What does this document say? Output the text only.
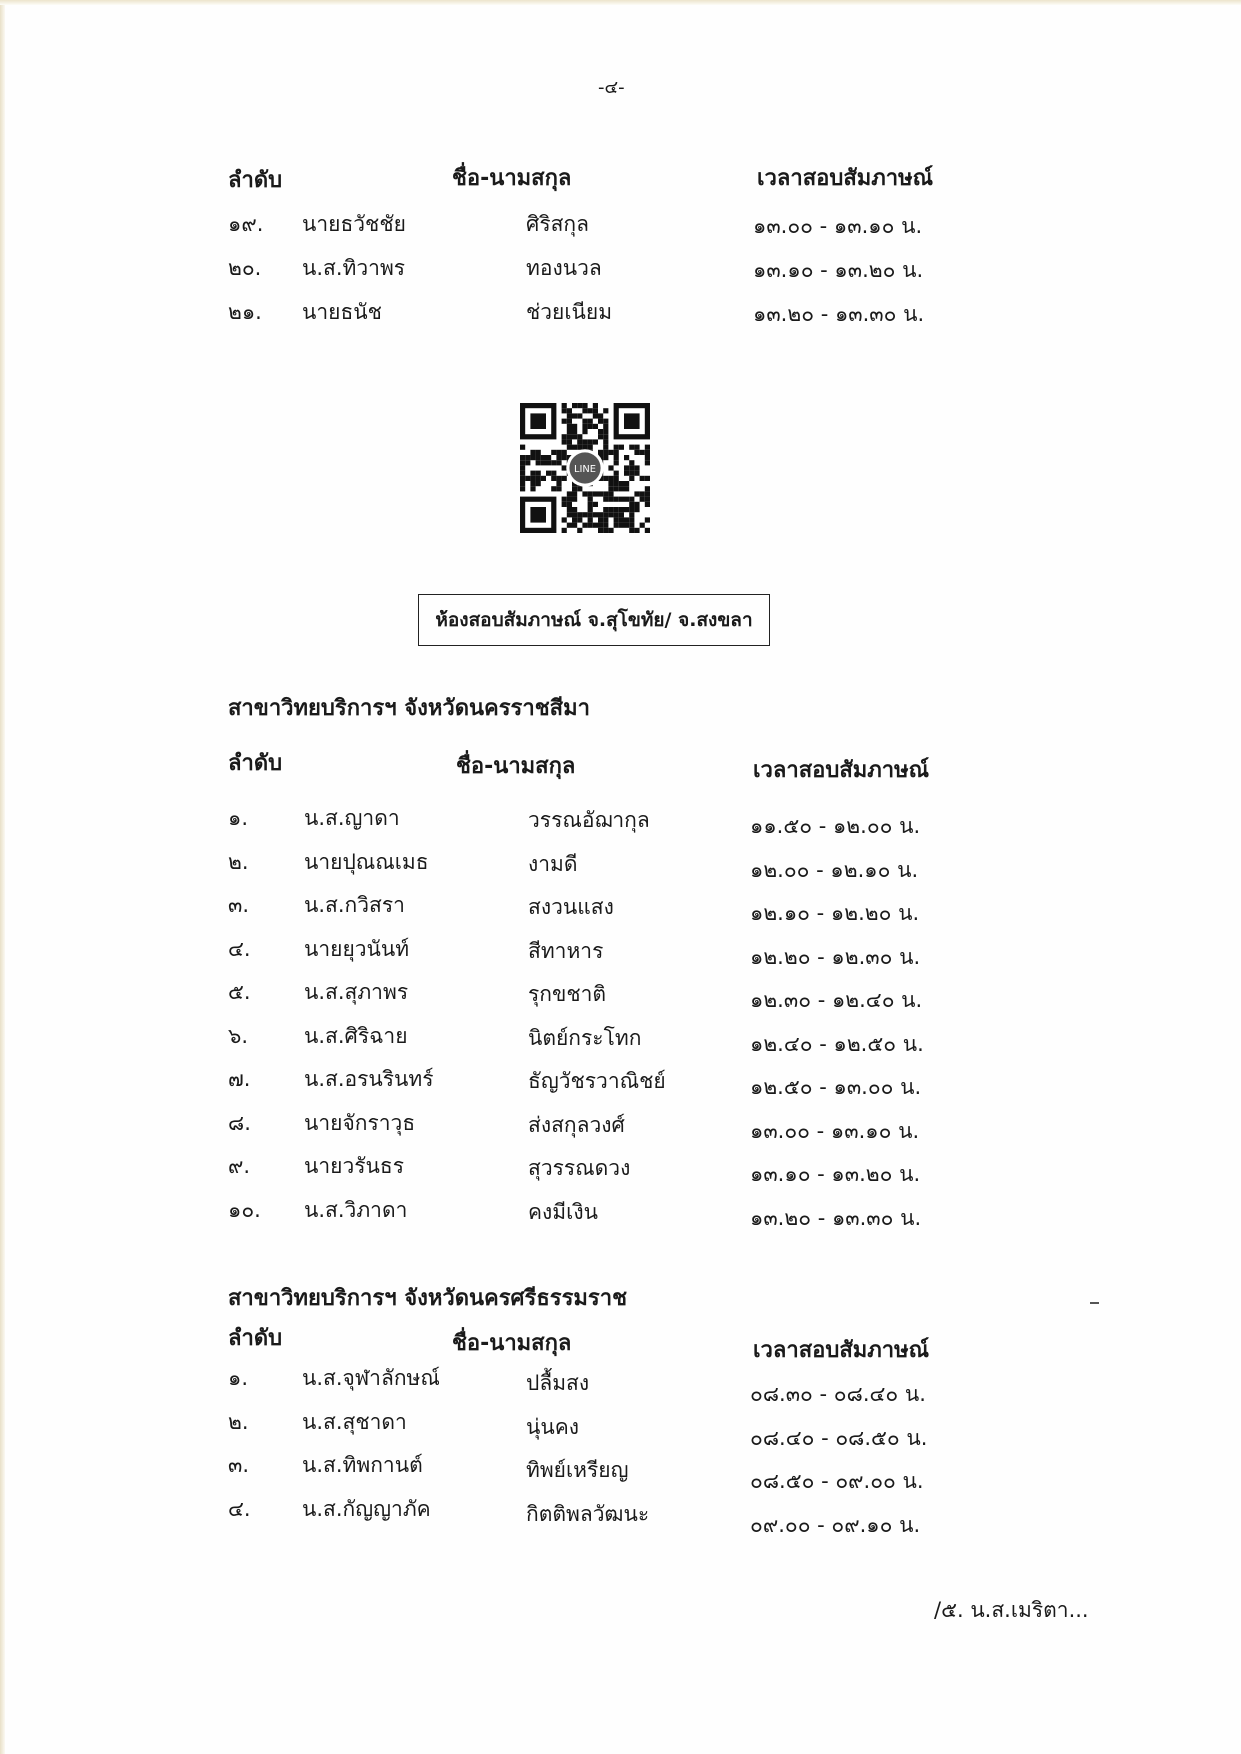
-๔-
ลำดับ	ชื่อ-นามสกุล	เวลาสอบสัมภาษณ์
๑๙. นายธวัชชัย	ศิริสกุล	๑๓.๐๐ - ๑๓.๑๐ น.
๒๐. น.ส.ทิวาพร	ทองนวล	๑๓.๑๐ - ๑๓.๒๐ น.
๒๑. นายธนัช	ช่วยเนียม	๑๓.๒๐ - ๑๓.๓๐ น.
LINE
ห้องสอบสัมภาษณ์ จ.สุโขทัย/ จ.สงขลา
สาขาวิทยบริการฯ จังหวัดนครราชสีมา
ลำดับ	ชื่อ-นามสกุล	เวลาสอบสัมภาษณ์
๑.	น.ส.ญาดา	วรรณอัฌากุล	๑๑.๕๐ - ๑๒.๐๐ น.
๒.	นายปุณณเมธ	งามดี	๑๒.๐๐ - ๑๒.๑๐ น.
๓.	น.ส.กวิสรา	สงวนแสง	๑๒.๑๐ - ๑๒.๒๐ น.
๔.	นายยุวนันท์	สีทาหาร	๑๒.๒๐ - ๑๒.๓๐ น.
๕.	น.ส.สุภาพร	รุกขชาติ	๑๒.๓๐ - ๑๒.๔๐ น.
๖.	น.ส.ศิริฉาย	นิตย์กระโทก	๑๒.๔๐ - ๑๒.๕๐ น.
๗.	น.ส.อรนรินทร์	ธัญวัชรวาณิชย์	๑๒.๕๐ - ๑๓.๐๐ น.
๘.	นายจักราวุธ	ส่งสกุลวงศ์	๑๓.๐๐ - ๑๓.๑๐ น.
๙.	นายวรันธร	สุวรรณดวง	๑๓.๑๐ - ๑๓.๒๐ น.
๑๐. น.ส.วิภาดา	คงมีเงิน	๑๓.๒๐ - ๑๓.๓๐ น.
สาขาวิทยบริการฯ จังหวัดนครศรีธรรมราช
ลำดับ	ชื่อ-นามสกุล	เวลาสอบสัมภาษณ์
๑.	น.ส.จุฬาลักษณ์	ปลื้มสง	๐๘.๓๐ - ๐๘.๔๐ น.
๒.	น.ส.สุชาดา	นุ่นคง	๐๘.๔๐ - ๐๘.๕๐ น.
๓.	น.ส.ทิพกานต์	ทิพย์เหรียญ	๐๘.๕๐ - ๐๙.๐๐ น.
๔. น.ส.กัญญาภัค	กิตติพลวัฒนะ	๐๙.๐๐ - ๐๙.๑๐ น.
/๕. น.ส.เมริตา...
